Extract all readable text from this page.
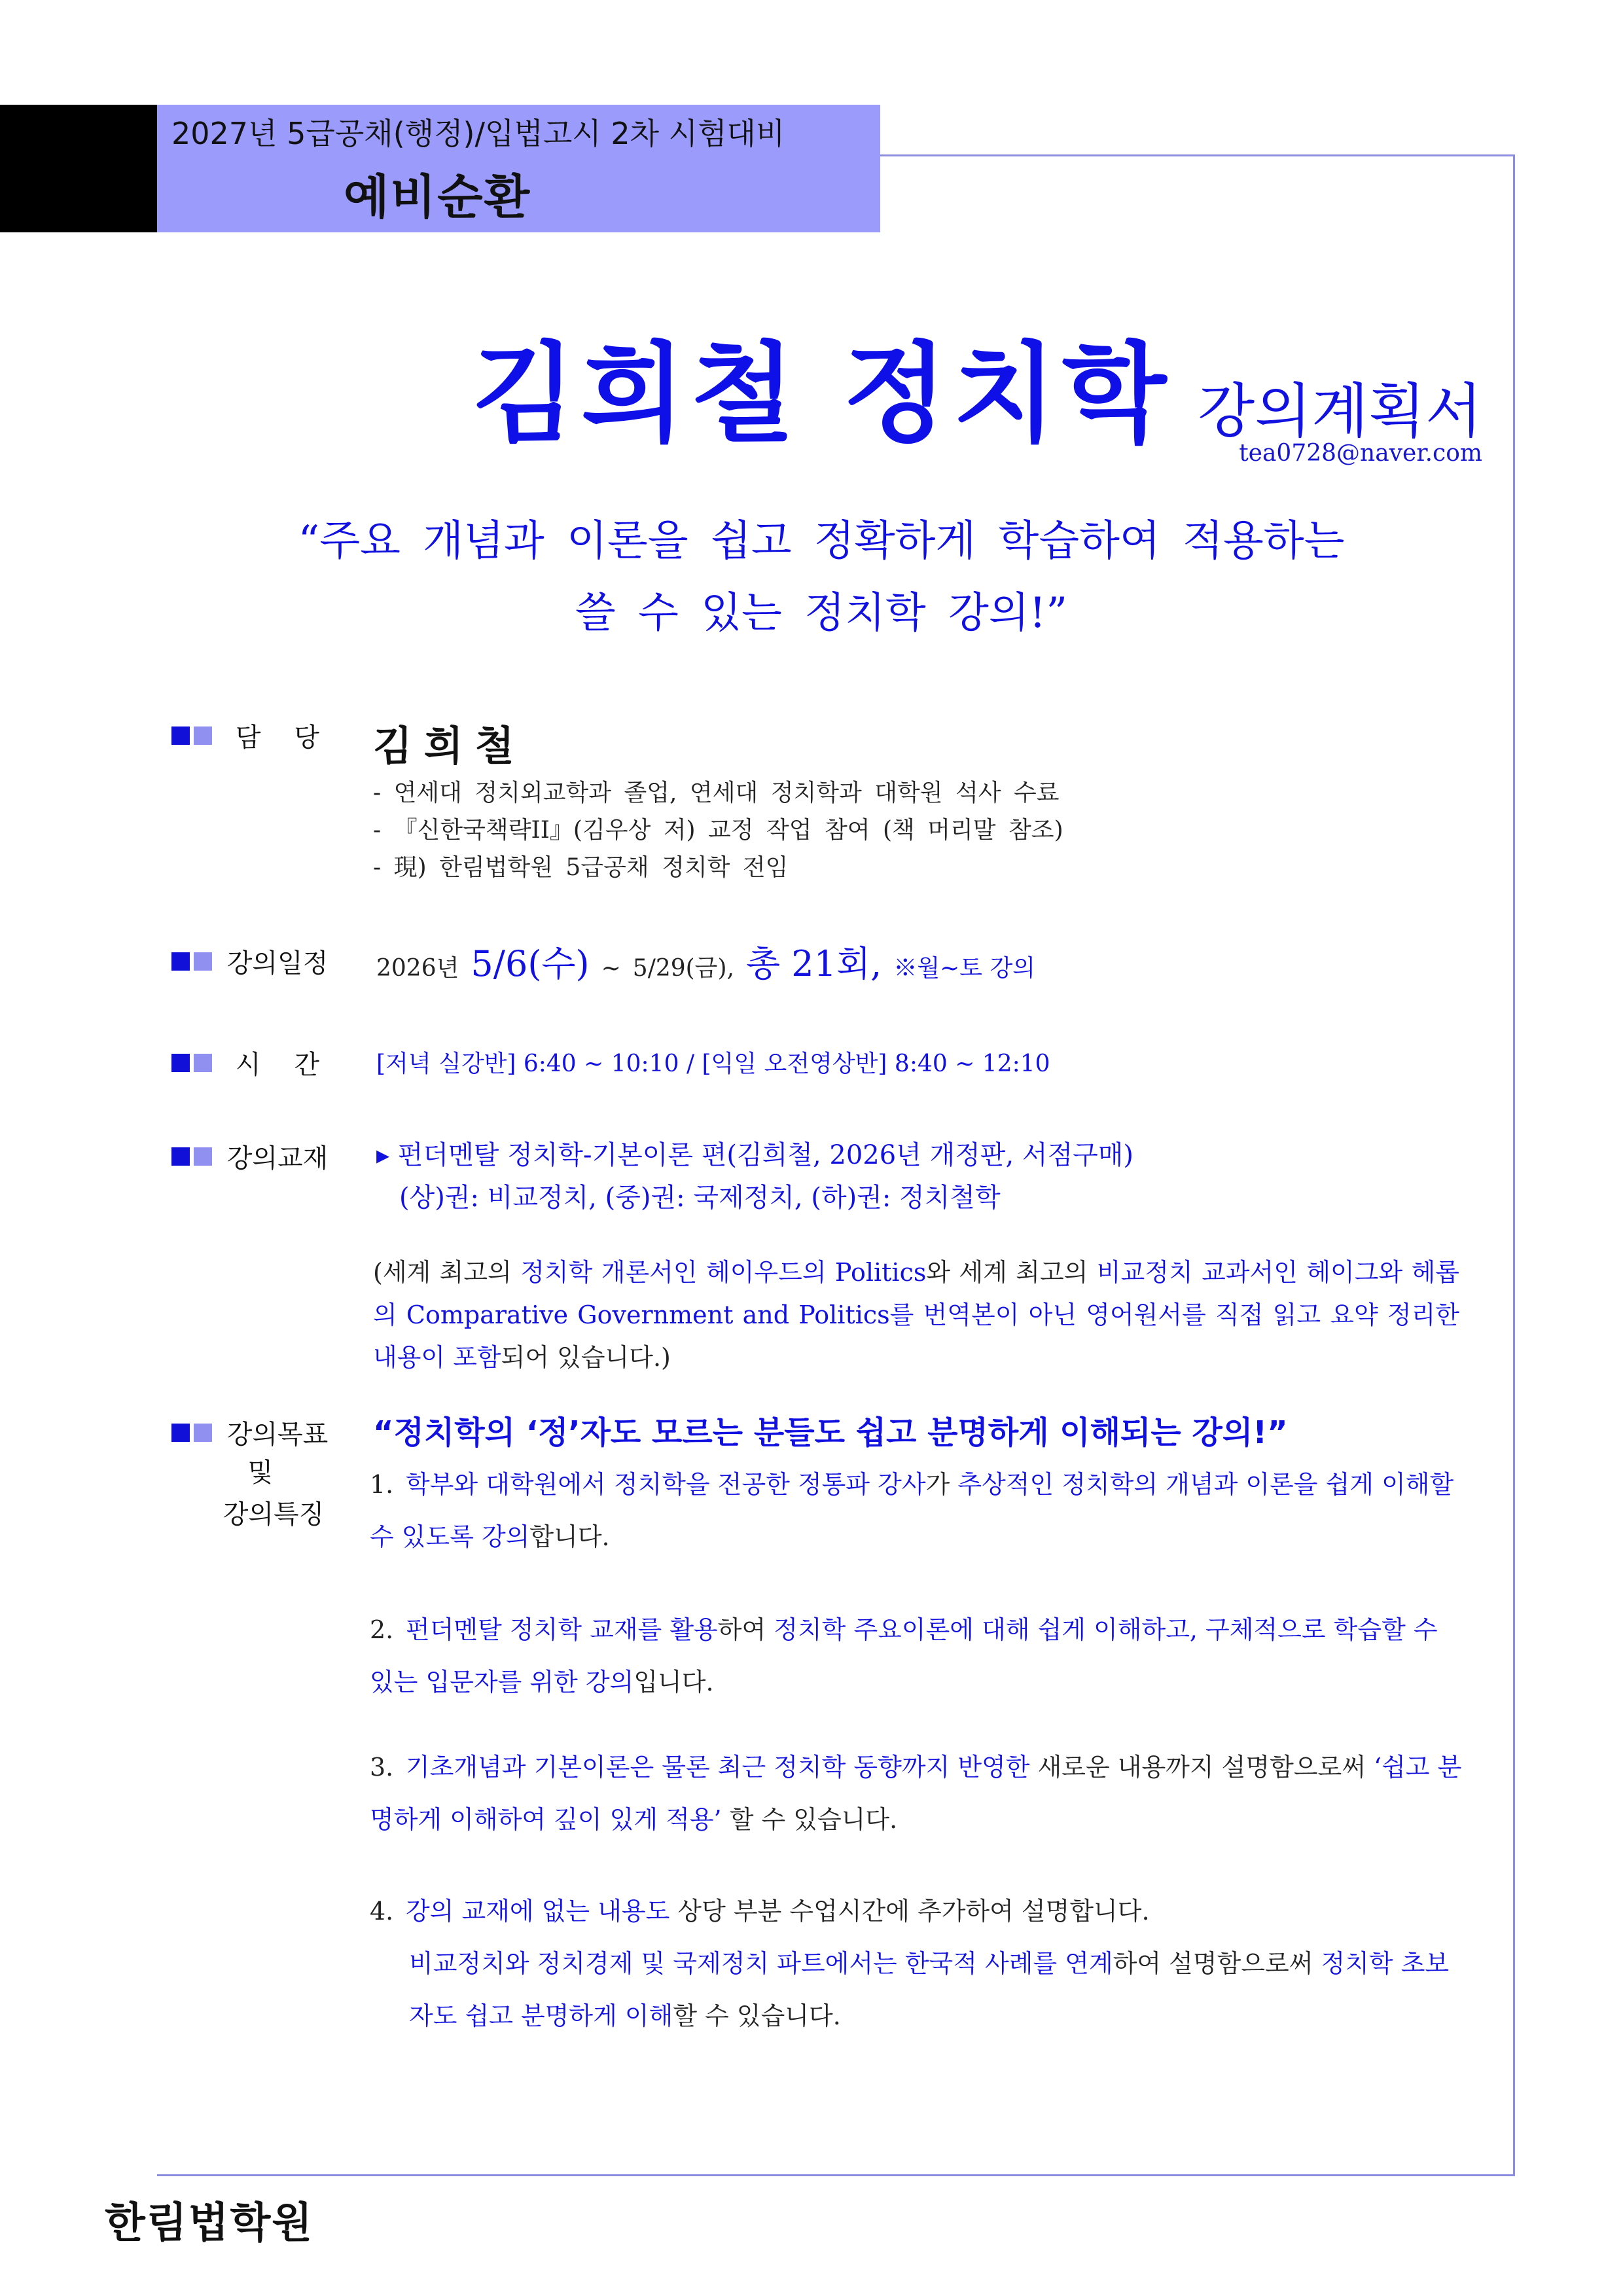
2027년 5급공채(행정)/입법고시 2차 시험대비
예비순환
김희철 정치학 강의계획서
tea0728@naver.com
“주요 개념과 이론을 쉽고 정확하게 학습하여 적용하는
쓸 수 있는 정치학 강의!”
담    당 김희철
- 연세대 정치외교학과 졸업, 연세대 정치학과 대학원 석사 수료
- 『신한국책략II』(김우상 저) 교정 작업 참여 (책 머리말 참조)
- 現) 한림법학원 5급공채 정치학 전임
강의일정 2026년 5/6(수) ~ 5/29(금), 총 21회, ※월~토 강의
시    간	[저녁 실강반] 6:40 ~ 10:10 / [익일 오전영상반] 8:40 ~ 12:10
강의교재 ▸ 펀더멘탈 정치학-기본이론 편(김희철, 2026년 개정판, 서점구매)
(상)권: 비교정치, (중)권: 국제정치, (하)권: 정치철학
(세계 최고의 정치학 개론서인 헤이우드의 Politics와 세계 최고의 비교정치 교과서인 헤이그와 헤롭의 Comparative Government and Politics를 번역본이 아닌 영어원서를 직접 읽고 요약 정리한 내용이 포함되어 있습니다.)
강의목표
및
강의특징
“정치학의 ‘정’자도 모르는 분들도 쉽고 분명하게 이해되는 강의!”
1. 학부와 대학원에서 정치학을 전공한 정통파 강사가 추상적인 정치학의 개념과 이론을 쉽게 이해할 수 있도록 강의합니다.
2. 펀더멘탈 정치학 교재를 활용하여 정치학 주요이론에 대해 쉽게 이해하고, 구체적으로 학습할 수 있는 입문자를 위한 강의입니다.
3. 기초개념과 기본이론은 물론 최근 정치학 동향까지 반영한 새로운 내용까지 설명함으로써 ‘쉽고 분명하게 이해하여 깊이 있게 적용’ 할 수 있습니다.
4. 강의 교재에 없는 내용도 상당 부분 수업시간에 추가하여 설명합니다.
비교정치와 정치경제 및 국제정치 파트에서는 한국적 사례를 연계하여 설명함으로써 정치학 초보자도 쉽고 분명하게 이해할 수 있습니다.
한림법학원
